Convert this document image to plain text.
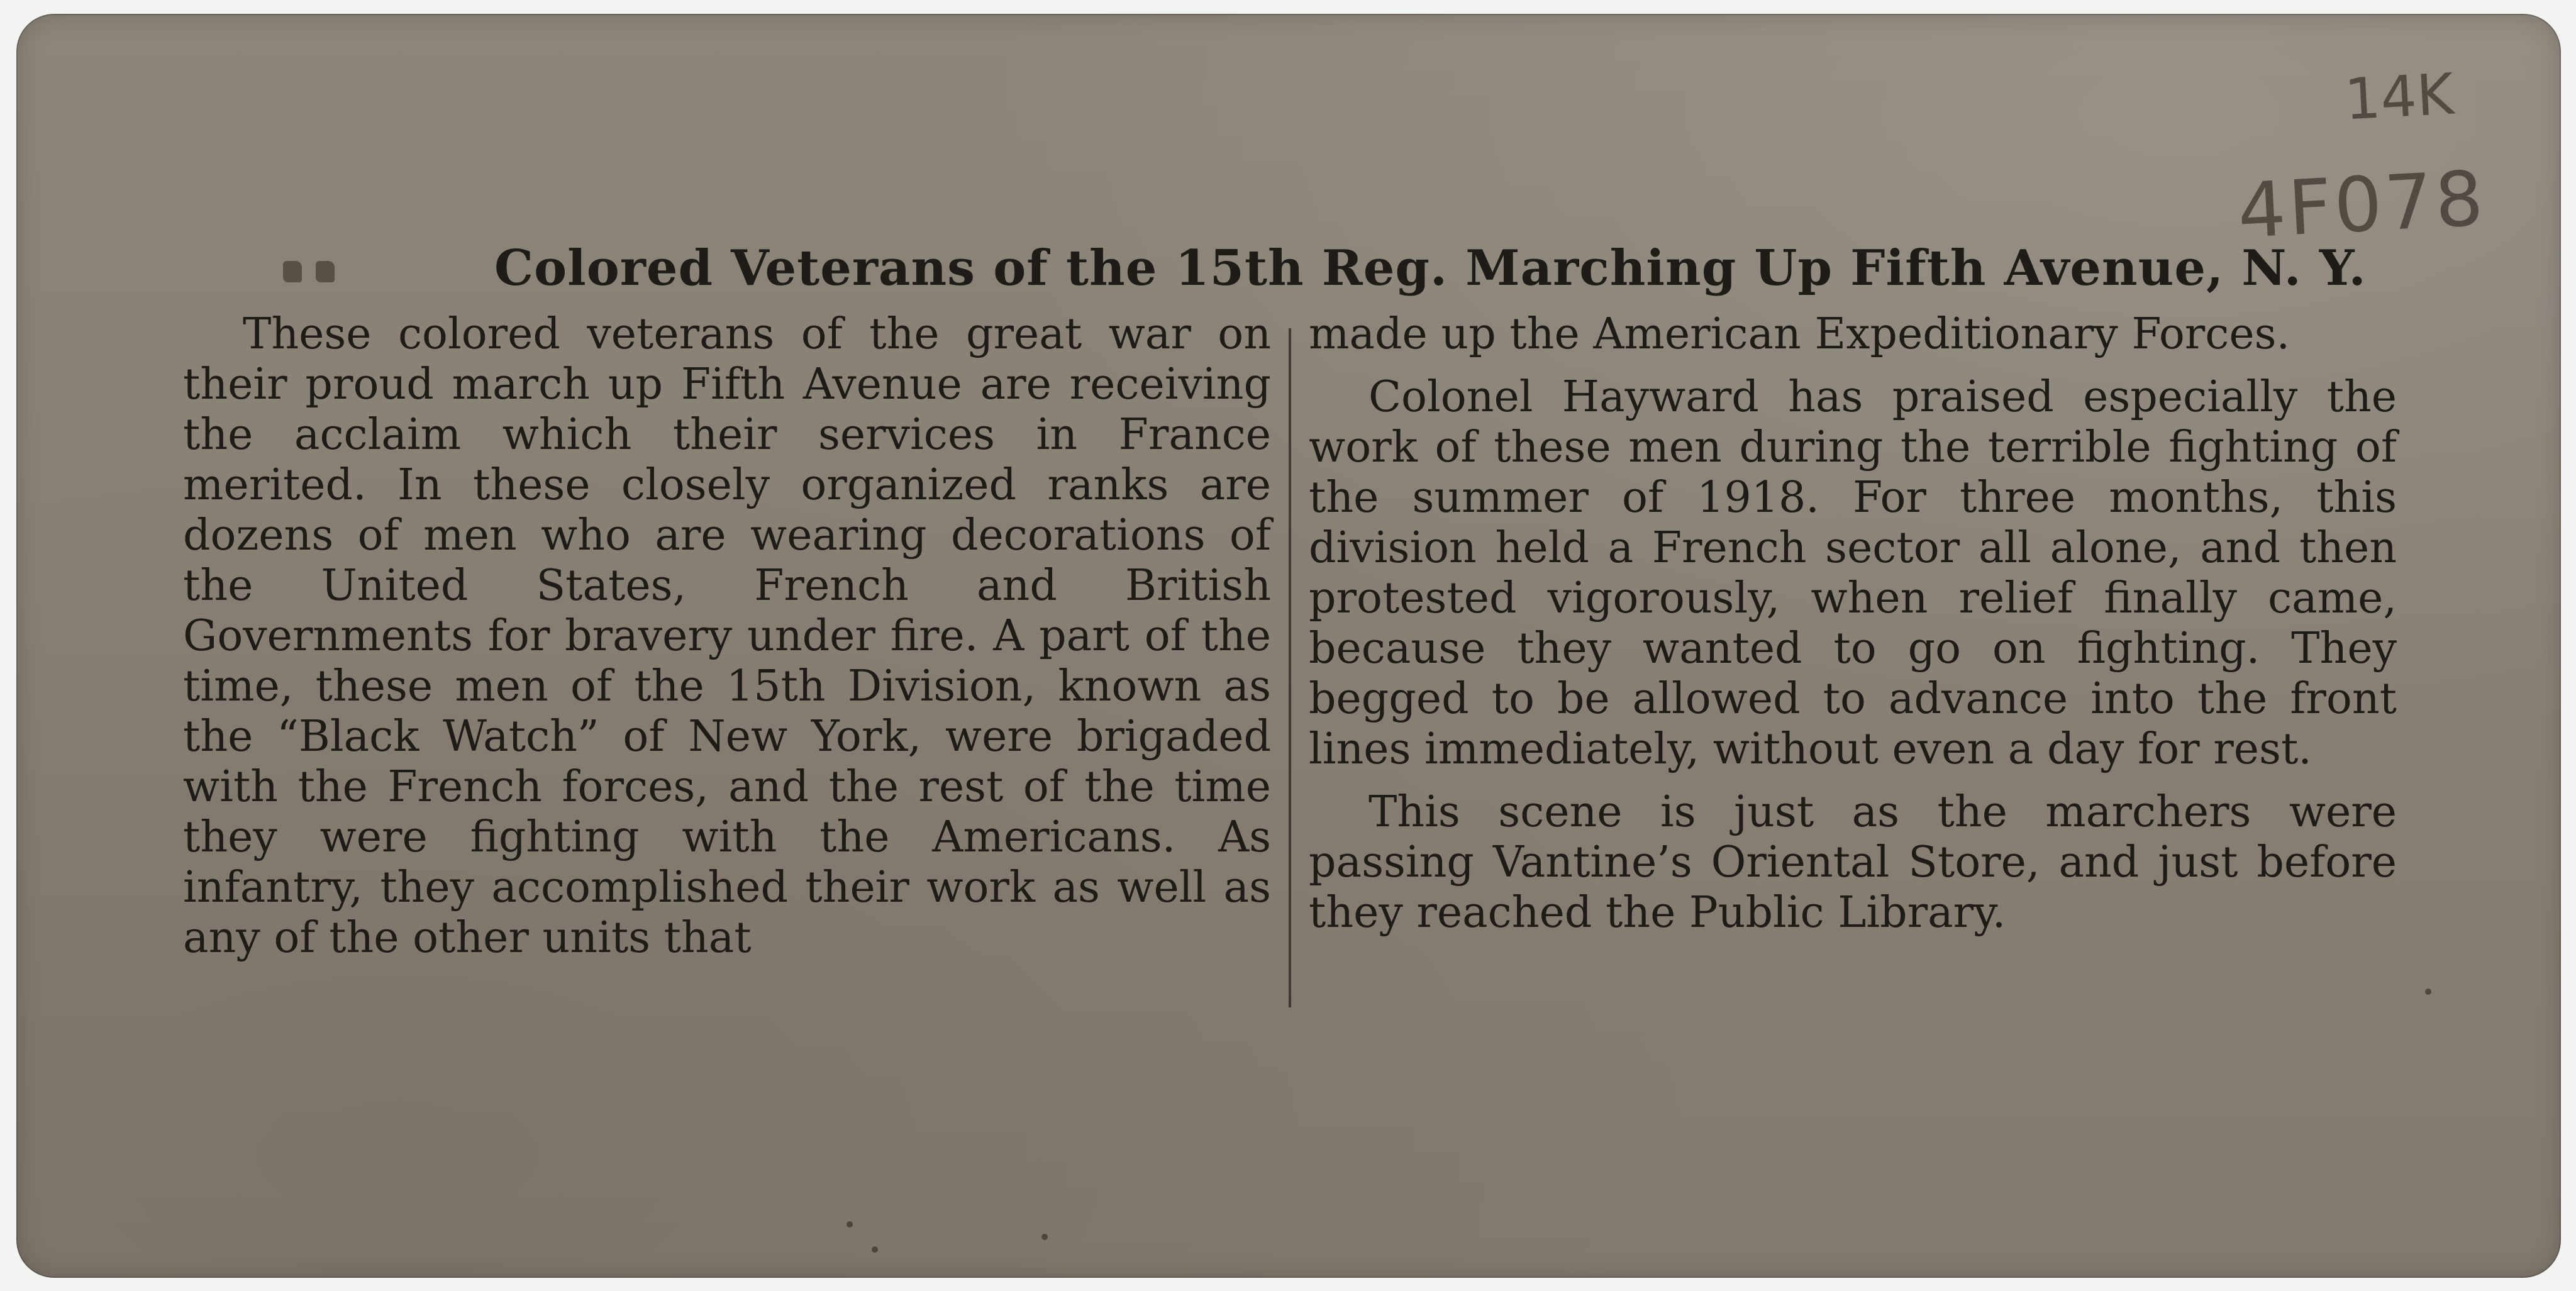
14K
4F078
Colored Veterans of the 15th Reg. Marching Up Fifth Avenue, N. Y.

These colored veterans of the great war on their proud march up Fifth Avenue are receiving the acclaim which their services in France merited. In these closely organized ranks are dozens of men who are wearing decorations of the United States, French and British Governments for bravery under fire. A part of the time, these men of the 15th Division, known as the “Black Watch” of New York, were brigaded with the French forces, and the rest of the time they were fighting with the Americans. As infantry, they accomplished their work as well as any of the other units that

made up the American Expeditionary Forces.

Colonel Hayward has praised especially the work of these men during the terrible fighting of the summer of 1918. For three months, this division held a French sector all alone, and then protested vigorously, when relief finally came, because they wanted to go on fighting. They begged to be allowed to advance into the front lines immediately, without even a day for rest.

This scene is just as the marchers were passing Vantine’s Oriental Store, and just before they reached the Public Library.
